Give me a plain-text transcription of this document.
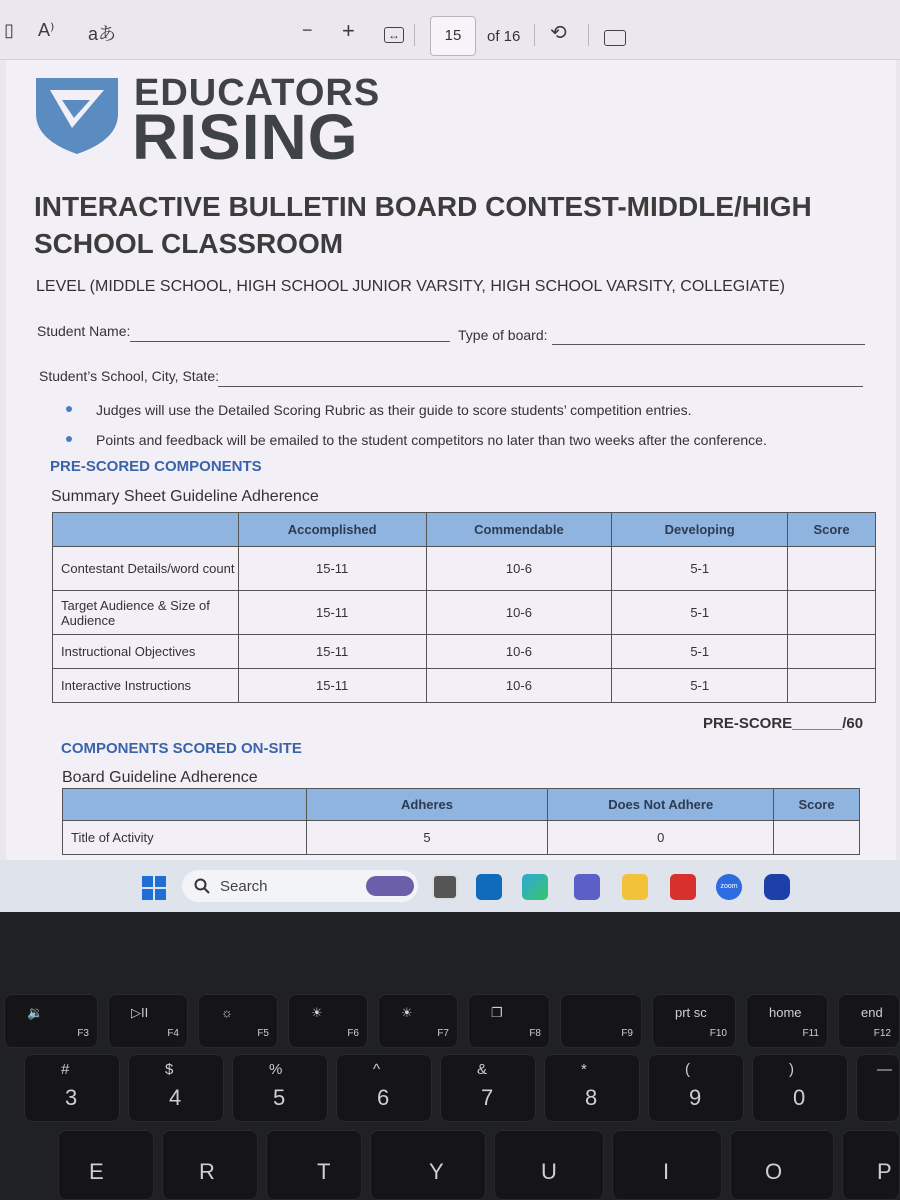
▯ A⁾ aあ	− +	↔	15	of 16 ⟲
EDUCATORS
RISING
INTERACTIVE BULLETIN BOARD CONTEST-MIDDLE/HIGH SCHOOL CLASSROOM
LEVEL (MIDDLE SCHOOL, HIGH SCHOOL JUNIOR VARSITY, HIGH SCHOOL VARSITY, COLLEGIATE)
Student Name:	Type of board:
Student’s School, City, State:
Judges will use the Detailed Scoring Rubric as their guide to score students’ competition entries.
Points and feedback will be emailed to the student competitors no later than two weeks after the conference.
PRE-SCORED COMPONENTS
Summary Sheet Guideline Adherence
	Accomplished	Commendable	Developing	Score
Contestant Details/word count	15-11	10-6	5-1	
Target Audience & Size of Audience	15-11	10-6	5-1	
Instructional Objectives	15-11	10-6	5-1	
Interactive Instructions	15-11	10-6	5-1	
PRE-SCORE______/60
COMPONENTS SCORED ON-SITE
Board Guideline Adherence
	Adheres	Does Not Adhere	Score
Title of Activity	5	0	
Search	zoom
🔉
F3
▷II
F4
☼
F5
☀
F6
☀
F7
❐
F8	F9
prt sc
F10
home
F11
end
F12
#
3
$
4
%
5
^
6
&
7
*
8
(
9
)
0
—
E	R	T	Y	U	I	O	P
